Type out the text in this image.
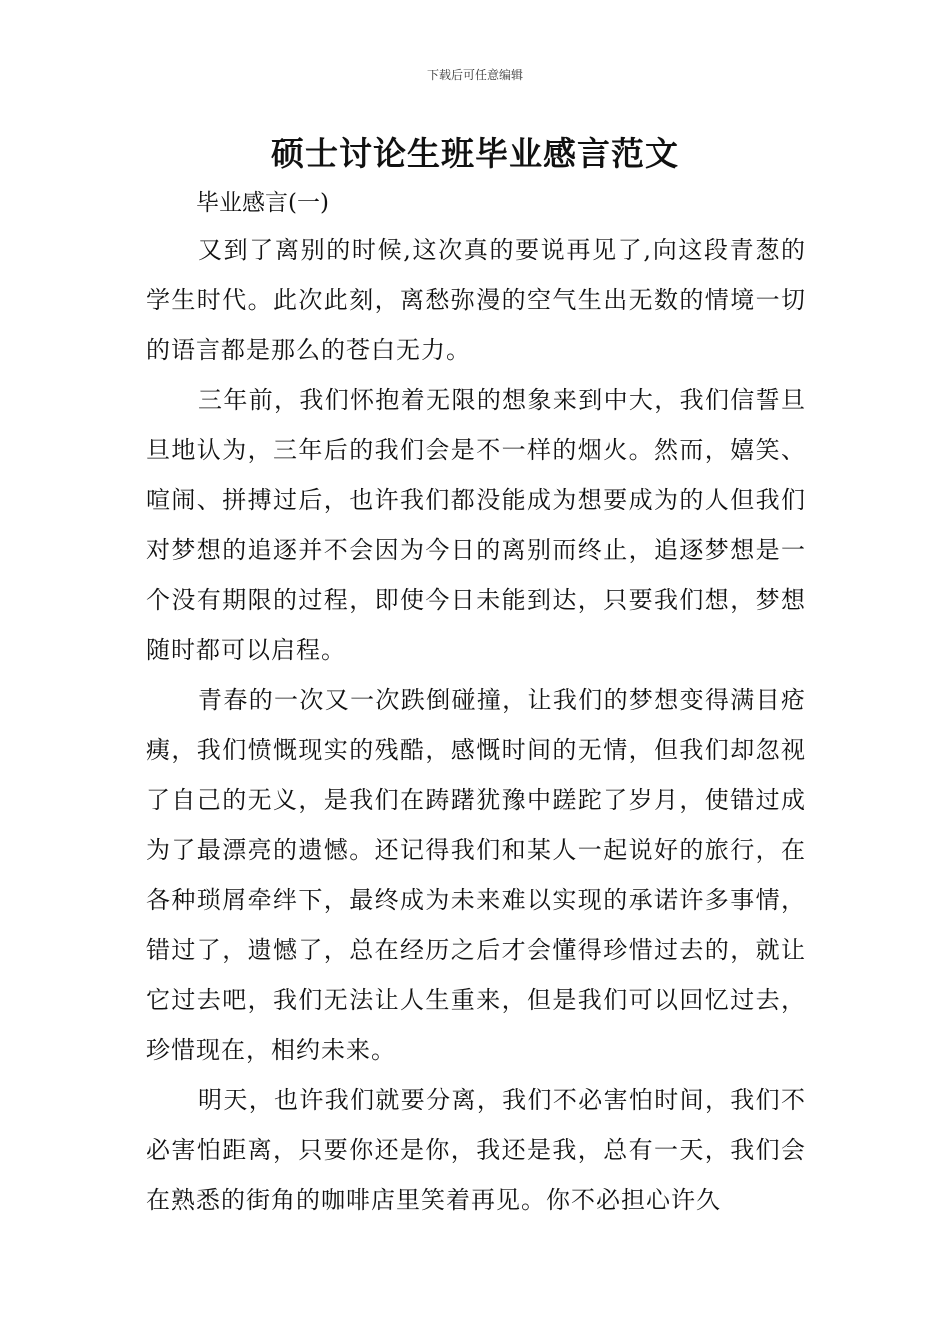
下载后可任意编辑
硕士讨论生班毕业感言范文
毕业感言(一)

又到了离别的时候,这次真的要说再见了,向这段青葱的学生时代。此次此刻，离愁弥漫的空气生出无数的情境一切的语言都是那么的苍白无力。

三年前，我们怀抱着无限的想象来到中大，我们信誓旦旦地认为，三年后的我们会是不一样的烟火。然而，嬉笑、喧闹、拼搏过后，也许我们都没能成为想要成为的人但我们对梦想的追逐并不会因为今日的离别而终止，追逐梦想是一个没有期限的过程，即使今日未能到达，只要我们想，梦想随时都可以启程。

青春的一次又一次跌倒碰撞，让我们的梦想变得满目疮痍，我们愤慨现实的残酷，感慨时间的无情，但我们却忽视了自己的无义，是我们在踌躇犹豫中蹉跎了岁月，使错过成为了最漂亮的遗憾。还记得我们和某人一起说好的旅行，在各种琐屑牵绊下，最终成为未来难以实现的承诺许多事情，错过了，遗憾了，总在经历之后才会懂得珍惜过去的，就让它过去吧，我们无法让人生重来，但是我们可以回忆过去，珍惜现在，相约未来。

明天，也许我们就要分离，我们不必害怕时间，我们不必害怕距离，只要你还是你，我还是我，总有一天，我们会在熟悉的街角的咖啡店里笑着再见。你不必担心许久
